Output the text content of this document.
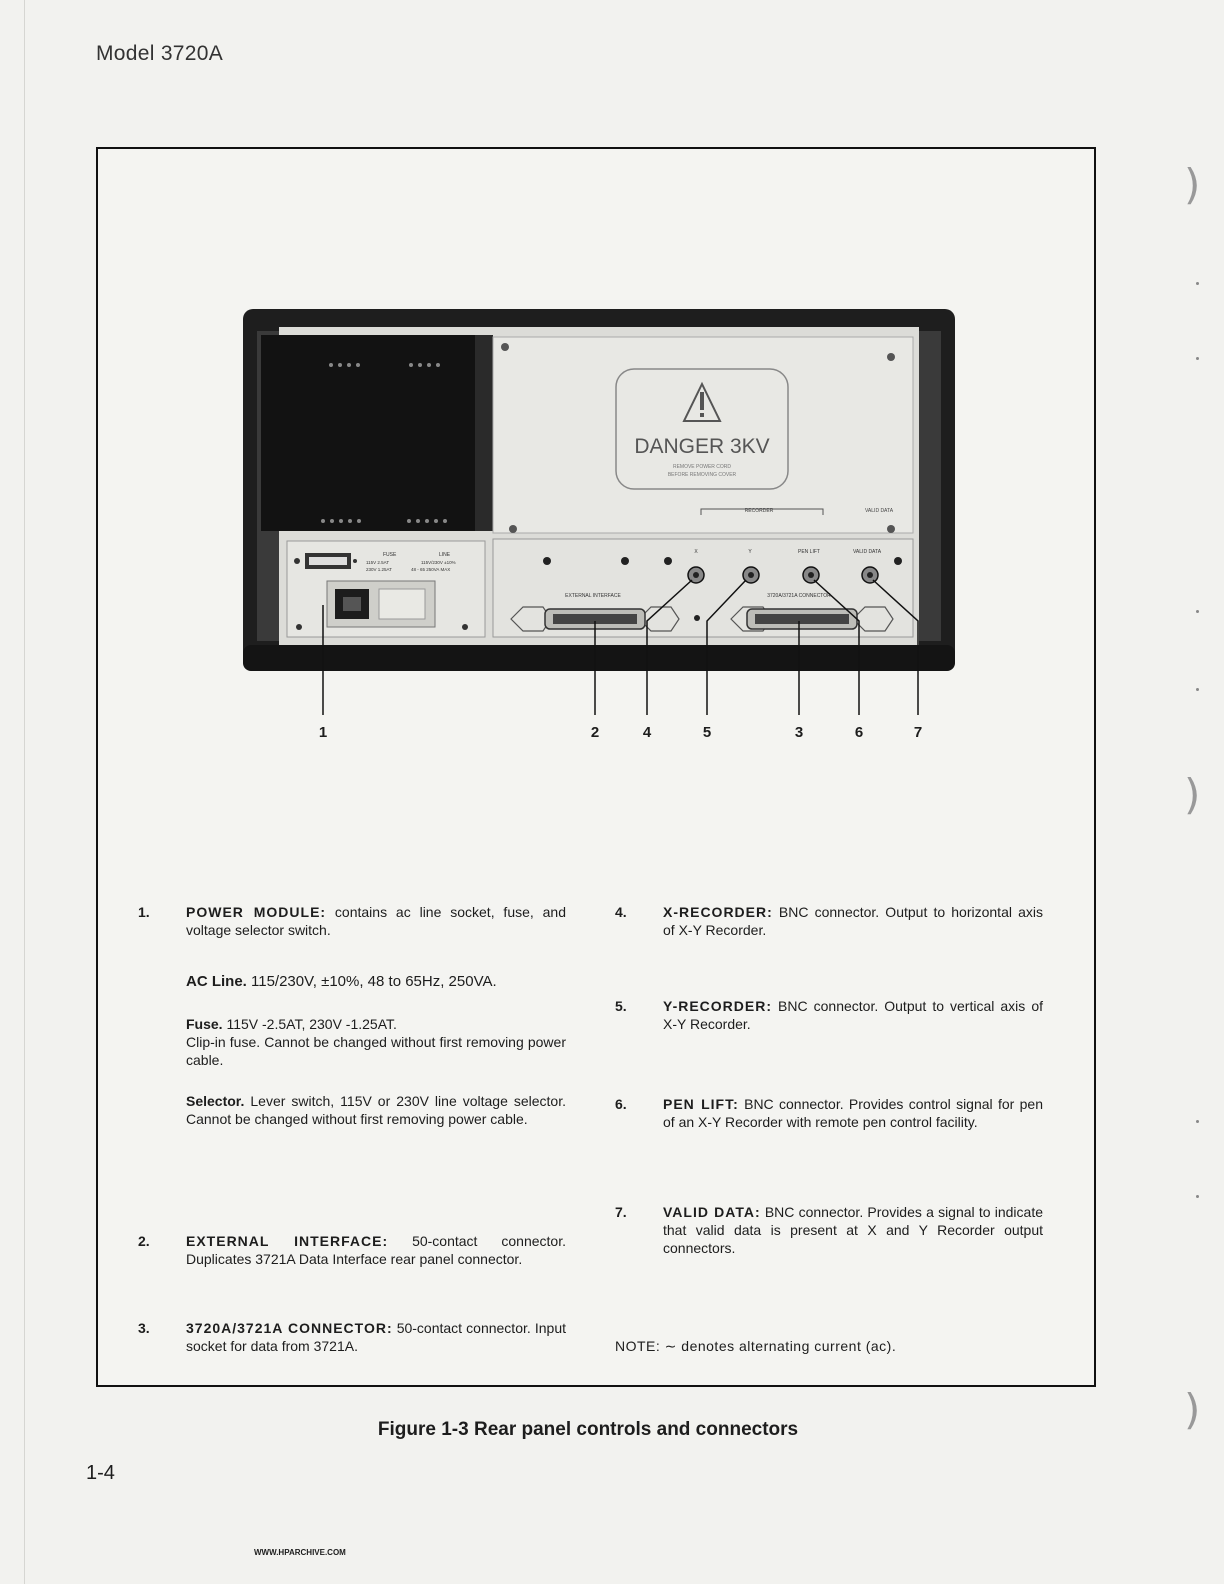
Model 3720A
)
)
)
DANGER 3KV
REMOVE POWER CORD
BEFORE REMOVING COVER
RECORDER	VALID DATA
X	Y	PEN LIFT	VALID DATA
EXTERNAL INTERFACE	3720A/3721A CONNECTOR
FUSE	LINE
115V 2.5AT
230V 1.25AT
115V/230V ±10%
48 - 65 250VA MAX
1	2	4	5	3	6	7
1.	POWER MODULE: contains ac line socket, fuse, and voltage selector switch.
AC Line. 115/230V, ±10%, 48 to 65Hz, 250VA.
Fuse. 115V -2.5AT, 230V -1.25AT.
Clip-in fuse. Cannot be changed without first removing power cable.
Selector. Lever switch, 115V or 230V line voltage selector. Cannot be changed without first removing power cable.
2.	EXTERNAL INTERFACE: 50-contact connector. Duplicates 3721A Data Interface rear panel connector.
3.	3720A/3721A CONNECTOR: 50-contact connector. Input socket for data from 3721A.
4.	X-RECORDER: BNC connector. Output to horizontal axis of X-Y Recorder.
5.	Y-RECORDER: BNC connector. Output to vertical axis of X-Y Recorder.
6.	PEN LIFT: BNC connector. Provides control signal for pen of an X-Y Recorder with remote pen control facility.
7.	VALID DATA: BNC connector. Provides a signal to indicate that valid data is present at X and Y Recorder output connectors.
NOTE: ∼ denotes alternating current (ac).
Figure 1-3 Rear panel controls and connectors
1-4
WWW.HPARCHIVE.COM
